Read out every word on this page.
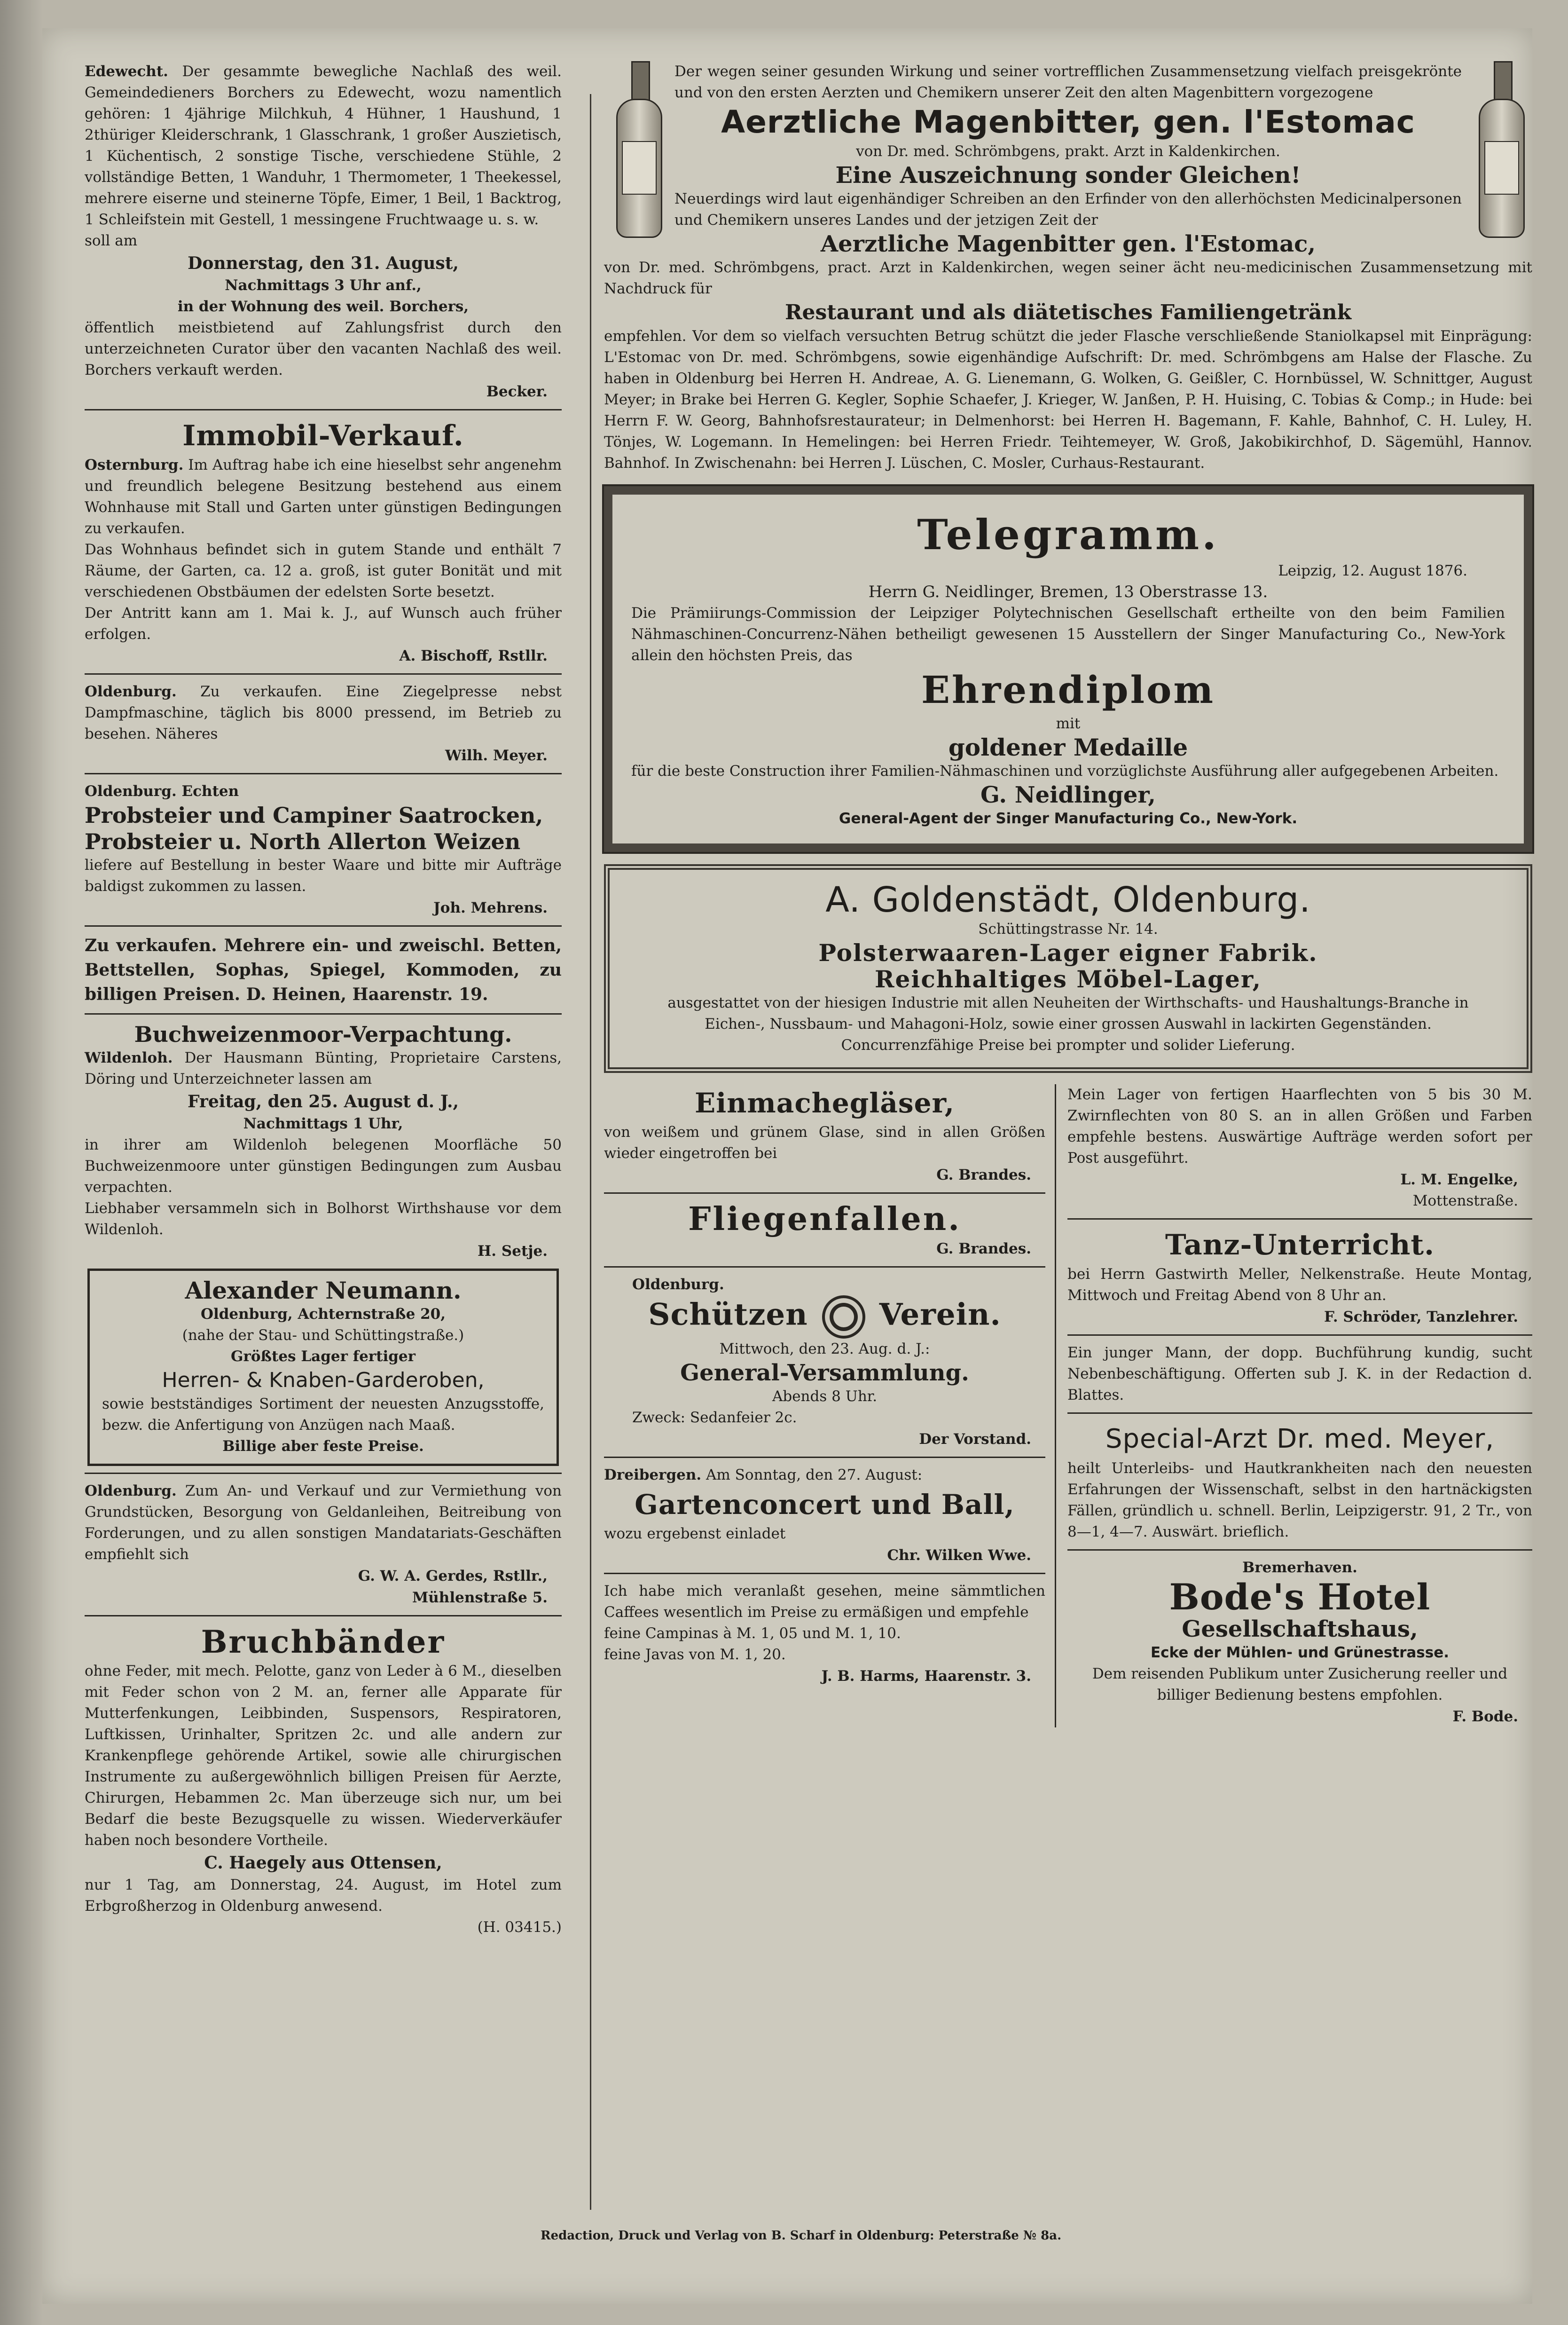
Edewecht. Der gesammte bewegliche Nachlaß des weil. Gemeindedieners Borchers zu Edewecht, wozu namentlich gehören: 1 4jährige Milchkuh, 4 Hühner, 1 Haushund, 1 2thüriger Kleiderschrank, 1 Glasschrank, 1 großer Auszietisch, 1 Küchentisch, 2 sonstige Tische, verschiedene Stühle, 2 vollständige Betten, 1 Wanduhr, 1 Thermometer, 1 Theekessel, mehrere eiserne und steinerne Töpfe, Eimer, 1 Beil, 1 Backtrog, 1 Schleifstein mit Gestell, 1 messingene Fruchtwaage u. s. w.

soll am

Donnerstag, den 31. August,

Nachmittags 3 Uhr anf.,

in der Wohnung des weil. Borchers,

öffentlich meistbietend auf Zahlungsfrist durch den unterzeichneten Curator über den vacanten Nachlaß des weil. Borchers verkauft werden.

Becker.

Immobil-Verkauf.

Osternburg. Im Auftrag habe ich eine hieselbst sehr angenehm und freundlich belegene Besitzung bestehend aus einem Wohnhause mit Stall und Garten unter günstigen Bedingungen zu verkaufen.

Das Wohnhaus befindet sich in gutem Stande und enthält 7 Räume, der Garten, ca. 12 a. groß, ist guter Bonität und mit verschiedenen Obstbäumen der edelsten Sorte besetzt.

Der Antritt kann am 1. Mai k. J., auf Wunsch auch früher erfolgen.

A. Bischoff, Rstllr.

Oldenburg. Zu verkaufen. Eine Ziegelpresse nebst Dampfmaschine, täglich bis 8000 pressend, im Betrieb zu besehen. Näheres

Wilh. Meyer.

Oldenburg. Echten

Probsteier und Campiner Saatrocken,

Probsteier u. North Allerton Weizen

liefere auf Bestellung in bester Waare und bitte mir Aufträge baldigst zukommen zu lassen.

Joh. Mehrens.

Zu verkaufen. Mehrere ein- und zweischl. Betten, Bettstellen, Sophas, Spiegel, Kommoden, zu billigen Preisen. D. Heinen, Haarenstr. 19.

Buchweizenmoor-Verpachtung.

Wildenloh. Der Hausmann Bünting, Proprietaire Carstens, Döring und Unterzeichneter lassen am

Freitag, den 25. August d. J.,

Nachmittags 1 Uhr,

in ihrer am Wildenloh belegenen Moorfläche 50 Buchweizenmoore unter günstigen Bedingungen zum Ausbau verpachten.

Liebhaber versammeln sich in Bolhorst Wirthshause vor dem Wildenloh.

H. Setje.

Alexander Neumann.

Oldenburg, Achternstraße 20,

(nahe der Stau- und Schüttingstraße.)

Größtes Lager fertiger

Herren- & Knaben-Garderoben,

sowie bestständiges Sortiment der neuesten Anzugsstoffe, bezw. die Anfertigung von Anzügen nach Maaß.

Billige aber feste Preise.

Oldenburg. Zum An- und Verkauf und zur Vermiethung von Grundstücken, Besorgung von Geldanleihen, Beitreibung von Forderungen, und zu allen sonstigen Mandatariats-Geschäften empfiehlt sich

G. W. A. Gerdes, Rstllr.,

Mühlenstraße 5.

Bruchbänder

ohne Feder, mit mech. Pelotte, ganz von Leder à 6 M., dieselben mit Feder schon von 2 M. an, ferner alle Apparate für Mutterfenkungen, Leibbinden, Suspensors, Respiratoren, Luftkissen, Urinhalter, Spritzen 2c. und alle andern zur Krankenpflege gehörende Artikel, sowie alle chirurgischen Instrumente zu außergewöhnlich billigen Preisen für Aerzte, Chirurgen, Hebammen 2c. Man überzeuge sich nur, um bei Bedarf die beste Bezugsquelle zu wissen. Wiederverkäufer haben noch besondere Vortheile.

C. Haegely aus Ottensen,

nur 1 Tag, am Donnerstag, 24. August, im Hotel zum Erbgroßherzog in Oldenburg anwesend.

(H. 03415.)

Der wegen seiner gesunden Wirkung und seiner vortrefflichen Zusammensetzung vielfach preisgekrönte und von den ersten Aerzten und Chemikern unserer Zeit den alten Magenbittern vorgezogene

Aerztliche Magenbitter, gen. l'Estomac

von Dr. med. Schrömbgens, prakt. Arzt in Kaldenkirchen.

Eine Auszeichnung sonder Gleichen!

Neuerdings wird laut eigenhändiger Schreiben an den Erfinder von den allerhöchsten Medicinalpersonen und Chemikern unseres Landes und der jetzigen Zeit der

Aerztliche Magenbitter gen. l'Estomac,

von Dr. med. Schrömbgens, pract. Arzt in Kaldenkirchen, wegen seiner ächt neu-medicinischen Zusammensetzung mit Nachdruck für

Restaurant und als diätetisches Familiengetränk

empfehlen. Vor dem so vielfach versuchten Betrug schützt die jeder Flasche verschließende Staniolkapsel mit Einprägung: L'Estomac von Dr. med. Schrömbgens, sowie eigenhändige Aufschrift: Dr. med. Schrömbgens am Halse der Flasche. Zu haben in Oldenburg bei Herren H. Andreae, A. G. Lienemann, G. Wolken, G. Geißler, C. Hornbüssel, W. Schnittger, August Meyer; in Brake bei Herren G. Kegler, Sophie Schaefer, J. Krieger, W. Janßen, P. H. Huising, C. Tobias & Comp.; in Hude: bei Herrn F. W. Georg, Bahnhofsrestaurateur; in Delmenhorst: bei Herren H. Bagemann, F. Kahle, Bahnhof, C. H. Luley, H. Tönjes, W. Logemann. In Hemelingen: bei Herren Friedr. Teihtemeyer, W. Groß, Jakobikirchhof, D. Sägemühl, Hannov. Bahnhof. In Zwischenahn: bei Herren J. Lüschen, C. Mosler, Curhaus-Restaurant.

Telegramm.

Leipzig, 12. August 1876.

Herrn G. Neidlinger, Bremen, 13 Oberstrasse 13.

Die Prämiirungs-Commission der Leipziger Polytechnischen Gesellschaft ertheilte von den beim Familien Nähmaschinen-Concurrenz-Nähen betheiligt gewesenen 15 Ausstellern der Singer Manufacturing Co., New-York allein den höchsten Preis, das

Ehrendiplom

mit

goldener Medaille

für die beste Construction ihrer Familien-Nähmaschinen und vorzüglichste Ausführung aller aufgegebenen Arbeiten.

G. Neidlinger,

General-Agent der Singer Manufacturing Co., New-York.

A. Goldenstädt, Oldenburg.

Schüttingstrasse Nr. 14.

Polsterwaaren-Lager eigner Fabrik.

Reichhaltiges Möbel-Lager,

ausgestattet von der hiesigen Industrie mit allen Neuheiten der Wirthschafts- und Haushaltungs-Branche in Eichen-, Nussbaum- und Mahagoni-Holz, sowie einer grossen Auswahl in lackirten Gegenständen. Concurrenzfähige Preise bei prompter und solider Lieferung.

Einmachegläser,

von weißem und grünem Glase, sind in allen Größen wieder eingetroffen bei

G. Brandes.

Fliegenfallen.

G. Brandes.

Oldenburg.

Schützen Verein.

Mittwoch, den 23. Aug. d. J.:

General-Versammlung.

Abends 8 Uhr.

Zweck: Sedanfeier 2c.

Der Vorstand.

Dreibergen. Am Sonntag, den 27. August:

Gartenconcert und Ball,

wozu ergebenst einladet

Chr. Wilken Wwe.

Ich habe mich veranlaßt gesehen, meine sämmtlichen Caffees wesentlich im Preise zu ermäßigen und empfehle

feine Campinas à M. 1, 05 und M. 1, 10.

feine Javas von M. 1, 20.

J. B. Harms, Haarenstr. 3.

Mein Lager von fertigen Haarflechten von 5 bis 30 M. Zwirnflechten von 80 S. an in allen Größen und Farben empfehle bestens. Auswärtige Aufträge werden sofort per Post ausgeführt.

L. M. Engelke,

Mottenstraße.

Tanz-Unterricht.

bei Herrn Gastwirth Meller, Nelkenstraße. Heute Montag, Mittwoch und Freitag Abend von 8 Uhr an.

F. Schröder, Tanzlehrer.

Ein junger Mann, der dopp. Buchführung kundig, sucht Nebenbeschäftigung. Offerten sub J. K. in der Redaction d. Blattes.

Special-Arzt Dr. med. Meyer,

heilt Unterleibs- und Hautkrankheiten nach den neuesten Erfahrungen der Wissenschaft, selbst in den hartnäckigsten Fällen, gründlich u. schnell. Berlin, Leipzigerstr. 91, 2 Tr., von 8—1, 4—7. Auswärt. brieflich.

Bremerhaven.

Bode's Hotel

Gesellschaftshaus,

Ecke der Mühlen- und Grünestrasse.

Dem reisenden Publikum unter Zusicherung reeller und billiger Bedienung bestens empfohlen.

F. Bode.

Redaction, Druck und Verlag von B. Scharf in Oldenburg: Peterstraße № 8a.
